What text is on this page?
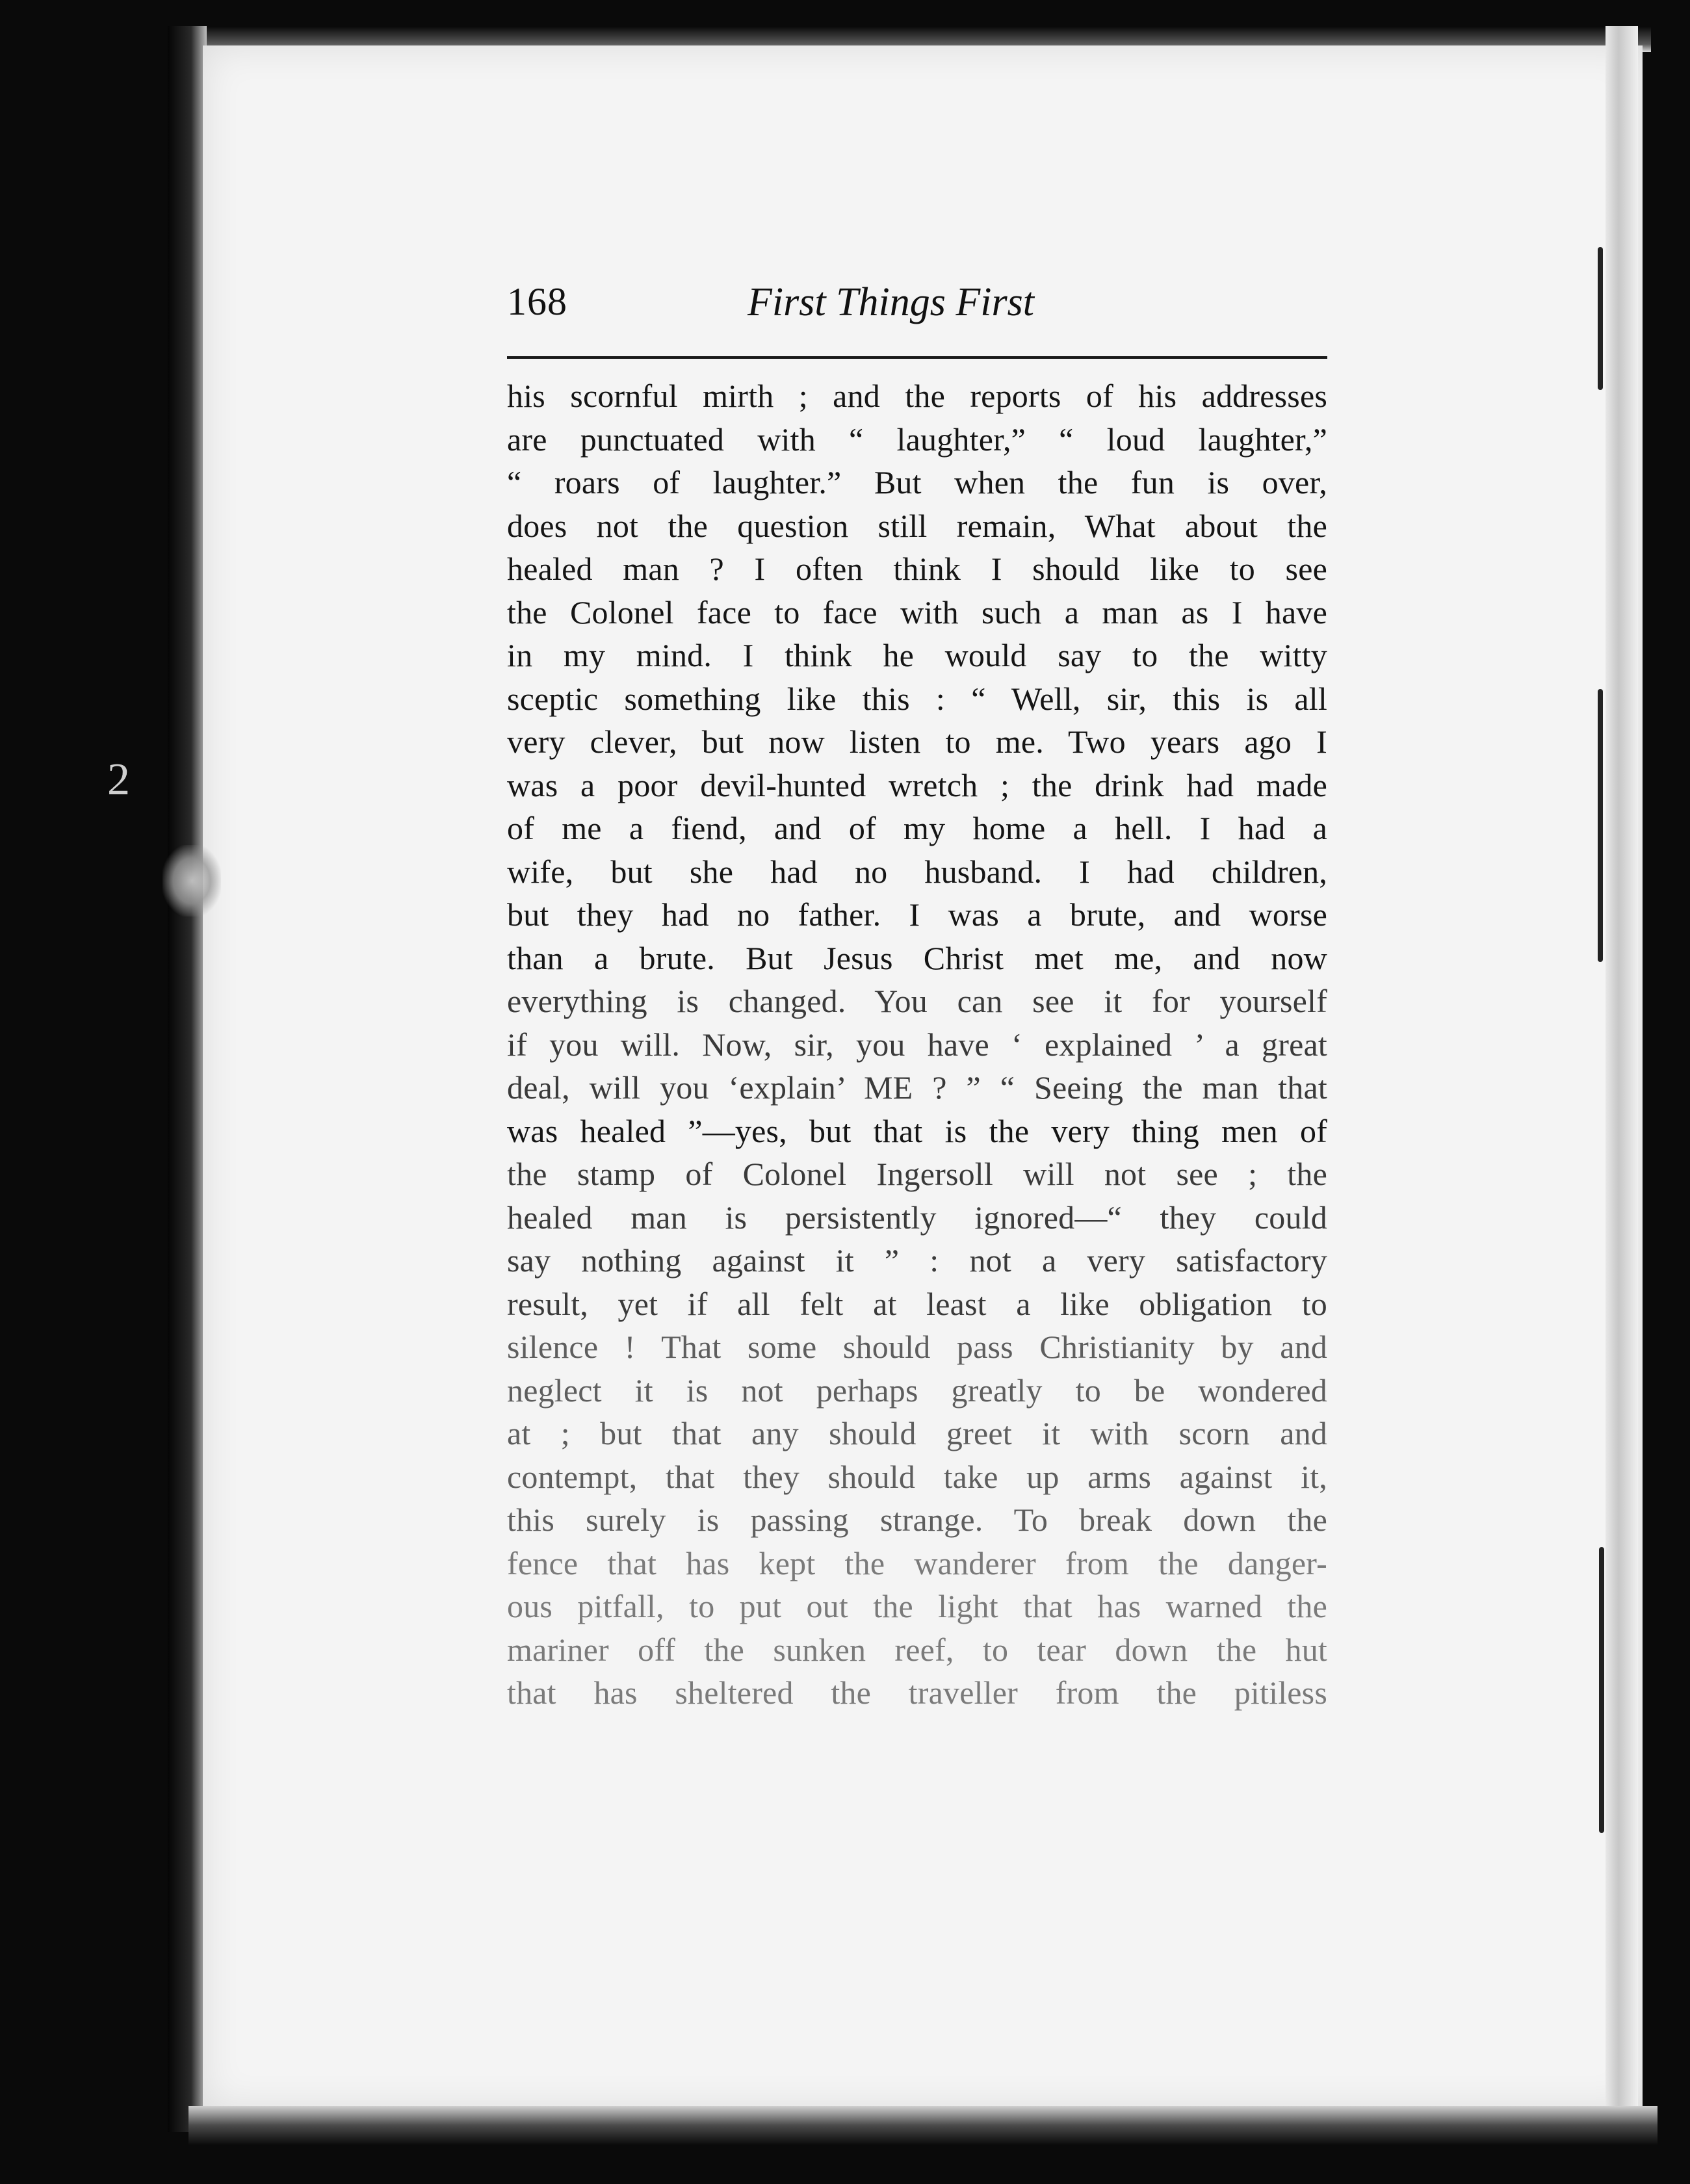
2
168	First Things First
his scornful mirth ; and the reports of his addresses
are punctuated with “ laughter,” “ loud laughter,”
“ roars of laughter.” But when the fun is over,
does not the question still remain, What about the
healed man ? I often think I should like to see
the Colonel face to face with such a man as I have
in my mind. I think he would say to the witty
sceptic something like this : “ Well, sir, this is all
very clever, but now listen to me. Two years ago I
was a poor devil-hunted wretch ; the drink had made
of me a fiend, and of my home a hell. I had a
wife, but she had no husband. I had children,
but they had no father. I was a brute, and worse
than a brute. But Jesus Christ met me, and now
everything is changed. You can see it for yourself
if you will. Now, sir, you have ‘ explained ’ a great
deal, will you ‘explain’ ME ? ” “ Seeing the man that
was healed ”—yes, but that is the very thing men of
the stamp of Colonel Ingersoll will not see ; the
healed man is persistently ignored—“ they could
say nothing against it ” : not a very satisfactory
result, yet if all felt at least a like obligation to
silence ! That some should pass Christianity by and
neglect it is not perhaps greatly to be wondered
at ; but that any should greet it with scorn and
contempt, that they should take up arms against it,
this surely is passing strange. To break down the
fence that has kept the wanderer from the danger-
ous pitfall, to put out the light that has warned the
mariner off the sunken reef, to tear down the hut
that has sheltered the traveller from the pitiless
